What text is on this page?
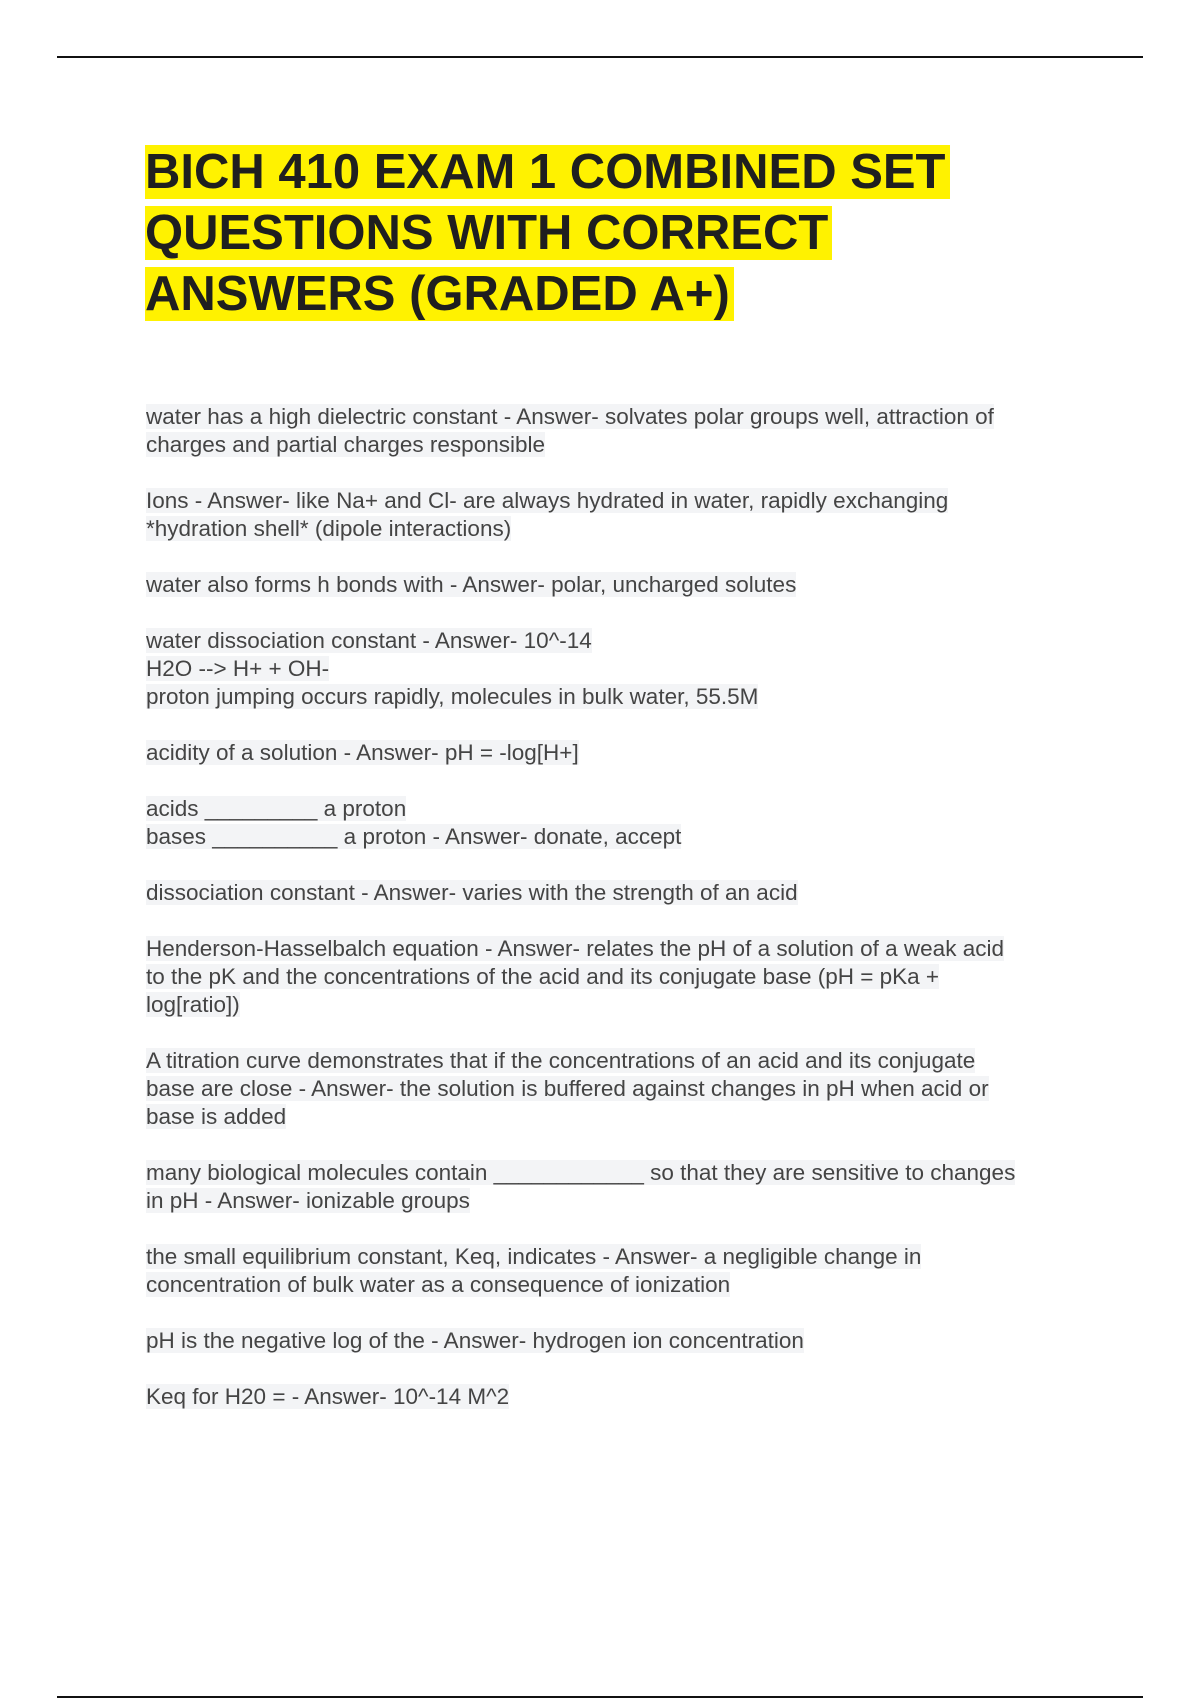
BICH 410 EXAM 1 COMBINED SET
QUESTIONS WITH CORRECT
ANSWERS (GRADED A+)
water has a high dielectric constant - Answer- solvates polar groups well, attraction of
charges and partial charges responsible
Ions - Answer- like Na+ and Cl- are always hydrated in water, rapidly exchanging
*hydration shell* (dipole interactions)
water also forms h bonds with - Answer- polar, uncharged solutes
water dissociation constant - Answer- 10^-14
H2O --> H+ + OH-
proton jumping occurs rapidly, molecules in bulk water, 55.5M
acidity of a solution - Answer- pH = -log[H+]
acids _________ a proton
bases __________ a proton - Answer- donate, accept
dissociation constant - Answer- varies with the strength of an acid
Henderson-Hasselbalch equation - Answer- relates the pH of a solution of a weak acid
to the pK and the concentrations of the acid and its conjugate base (pH = pKa +
log[ratio])
A titration curve demonstrates that if the concentrations of an acid and its conjugate
base are close - Answer- the solution is buffered against changes in pH when acid or
base is added
many biological molecules contain ____________ so that they are sensitive to changes
in pH - Answer- ionizable groups
the small equilibrium constant, Keq, indicates - Answer- a negligible change in
concentration of bulk water as a consequence of ionization
pH is the negative log of the - Answer- hydrogen ion concentration
Keq for H20 = - Answer- 10^-14 M^2
